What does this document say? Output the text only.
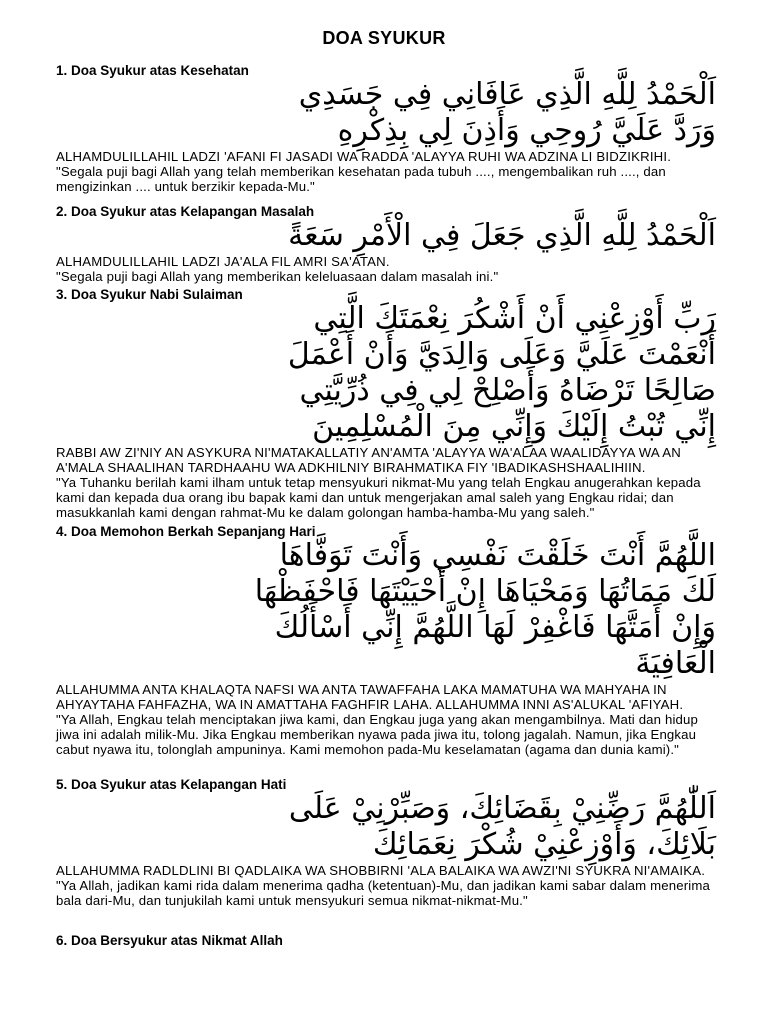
DOA SYUKUR

1. Doa Syukur atas Kesehatan

اَلْحَمْدُ لِلَّهِ الَّذِي عَافَانِي فِي جَسَدِي
وَرَدَّ عَلَيَّ رُوحِي وَأَذِنَ لِي بِذِكْرِهِ

ALHAMDULILLAHIL LADZI 'AFANI FI JASADI WA RADDA 'ALAYYA RUHI WA ADZINA LI BIDZIKRIHI.

"Segala puji bagi Allah yang telah memberikan kesehatan pada tubuh ...., mengembalikan ruh ...., dan mengizinkan .... untuk berzikir kepada-Mu."

2. Doa Syukur atas Kelapangan Masalah

اَلْحَمْدُ لِلَّهِ الَّذِي جَعَلَ فِي الْأَمْرِ سَعَةً

ALHAMDULILLAHIL LADZI JA'ALA FIL AMRI SA'ATAN.

"Segala puji bagi Allah yang memberikan keleluasaan dalam masalah ini."

3. Doa Syukur Nabi Sulaiman

رَبِّ أَوْزِعْنِي أَنْ أَشْكُرَ نِعْمَتَكَ الَّتِي
أَنْعَمْتَ عَلَيَّ وَعَلَى وَالِدَيَّ وَأَنْ أَعْمَلَ
صَالِحًا تَرْضَاهُ وَأَصْلِحْ لِي فِي ذُرِّيَّتِي
إِنِّي تُبْتُ إِلَيْكَ وَإِنِّي مِنَ الْمُسْلِمِينَ

RABBI AW ZI'NIY AN ASYKURA NI'MATAKALLATIY AN'AMTA 'ALAYYA WA'ALAA WAALIDAYYA WA AN A'MALA SHAALIHAN TARDHAAHU WA ADKHILNIY BIRAHMATIKA FIY 'IBADIKASHSHAALIHIIN.

"Ya Tuhanku berilah kami ilham untuk tetap mensyukuri nikmat-Mu yang telah Engkau anugerahkan kepada kami dan kepada dua orang ibu bapak kami dan untuk mengerjakan amal saleh yang Engkau ridai; dan masukkanlah kami dengan rahmat-Mu ke dalam golongan hamba-hamba-Mu yang saleh."

4. Doa Memohon Berkah Sepanjang Hari

اللَّهُمَّ أَنْتَ خَلَقْتَ نَفْسِي وَأَنْتَ تَوَفَّاهَا
لَكَ مَمَاتُهَا وَمَحْيَاهَا إِنْ أَحْيَيْتَهَا فَاحْفَظْهَا
وَإِنْ أَمَتَّهَا فَاغْفِرْ لَهَا اللَّهُمَّ إِنِّي أَسْأَلُكَ
الْعَافِيَةَ

ALLAHUMMA ANTA KHALAQTA NAFSI WA ANTA TAWAFFAHA LAKA MAMATUHA WA MAHYAHA IN AHYAYTAHA FAHFAZHA, WA IN AMATTAHA FAGHFIR LAHA. ALLAHUMMA INNI AS'ALUKAL 'AFIYAH.

"Ya Allah, Engkau telah menciptakan jiwa kami, dan Engkau juga yang akan mengambilnya. Mati dan hidup jiwa ini adalah milik-Mu. Jika Engkau memberikan nyawa pada jiwa itu, tolong jagalah. Namun, jika Engkau cabut nyawa itu, tolonglah ampuninya. Kami memohon pada-Mu keselamatan (agama dan dunia kami)."

5. Doa Syukur atas Kelapangan Hati

اَللّٰهُمَّ رَضِّنِيْ بِقَضَائِكَ، وَصَبِّرْنِيْ عَلَى
بَلَائِكَ، وَأَوْزِعْنِيْ شُكْرَ نِعَمَائِكَ

ALLAHUMMA RADLDLINI BI QADLAIKA WA SHOBBIRNI 'ALA BALAIKA WA AWZI'NI SYUKRA NI'AMAIKA.

"Ya Allah, jadikan kami rida dalam menerima qadha (ketentuan)-Mu, dan jadikan kami sabar dalam menerima bala dari-Mu, dan tunjukilah kami untuk mensyukuri semua nikmat-nikmat-Mu."

6. Doa Bersyukur atas Nikmat Allah
